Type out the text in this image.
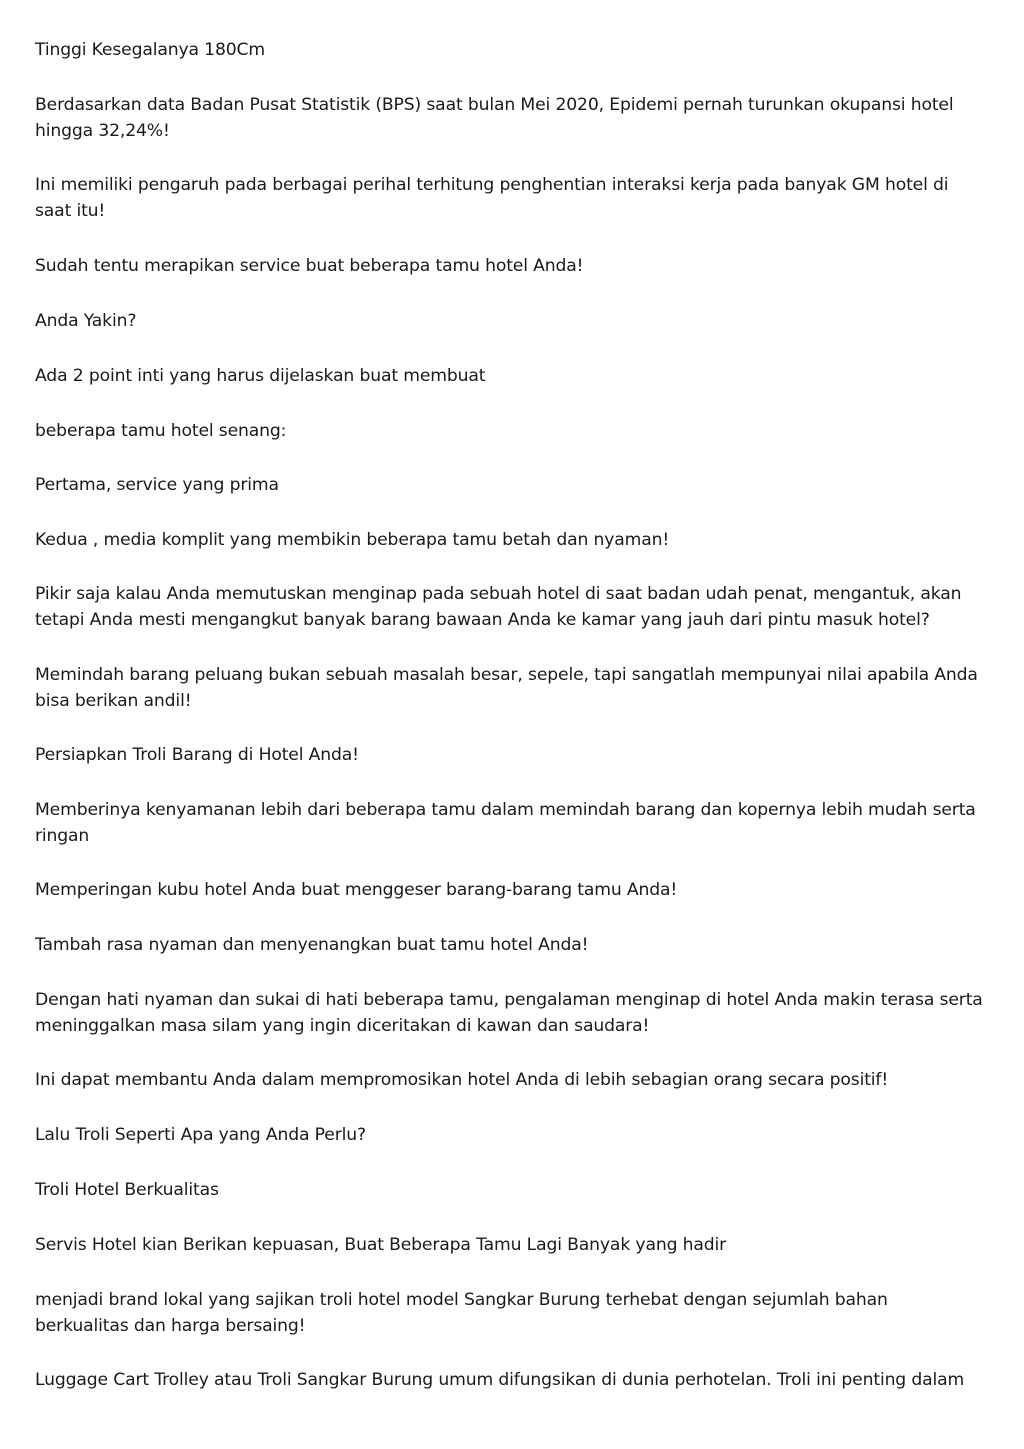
Tinggi Kesegalanya 180Cm

Berdasarkan data Badan Pusat Statistik (BPS) saat bulan Mei 2020, Epidemi pernah turunkan okupansi hotel hingga 32,24%!

Ini memiliki pengaruh pada berbagai perihal terhitung penghentian interaksi kerja pada banyak GM hotel di saat itu!

Sudah tentu merapikan service buat beberapa tamu hotel Anda!

Anda Yakin?

Ada 2 point inti yang harus dijelaskan buat membuat

beberapa tamu hotel senang:

Pertama, service yang prima

Kedua , media komplit yang membikin beberapa tamu betah dan nyaman!

Pikir saja kalau Anda memutuskan menginap pada sebuah hotel di saat badan udah penat, mengantuk, akan tetapi Anda mesti mengangkut banyak barang bawaan Anda ke kamar yang jauh dari pintu masuk hotel?

Memindah barang peluang bukan sebuah masalah besar, sepele, tapi sangatlah mempunyai nilai apabila Anda bisa berikan andil!

Persiapkan Troli Barang di Hotel Anda!

Memberinya kenyamanan lebih dari beberapa tamu dalam memindah barang dan kopernya lebih mudah serta ringan

Memperingan kubu hotel Anda buat menggeser barang-barang tamu Anda!

Tambah rasa nyaman dan menyenangkan buat tamu hotel Anda!

Dengan hati nyaman dan sukai di hati beberapa tamu, pengalaman menginap di hotel Anda makin terasa serta meninggalkan masa silam yang ingin diceritakan di kawan dan saudara!

Ini dapat membantu Anda dalam mempromosikan hotel Anda di lebih sebagian orang secara positif!

Lalu Troli Seperti Apa yang Anda Perlu?

Troli Hotel Berkualitas

Servis Hotel kian Berikan kepuasan, Buat Beberapa Tamu Lagi Banyak yang hadir

menjadi brand lokal yang sajikan troli hotel model Sangkar Burung terhebat dengan sejumlah bahan berkualitas dan harga bersaing!

Luggage Cart Trolley atau Troli Sangkar Burung umum difungsikan di dunia perhotelan. Troli ini penting dalam
